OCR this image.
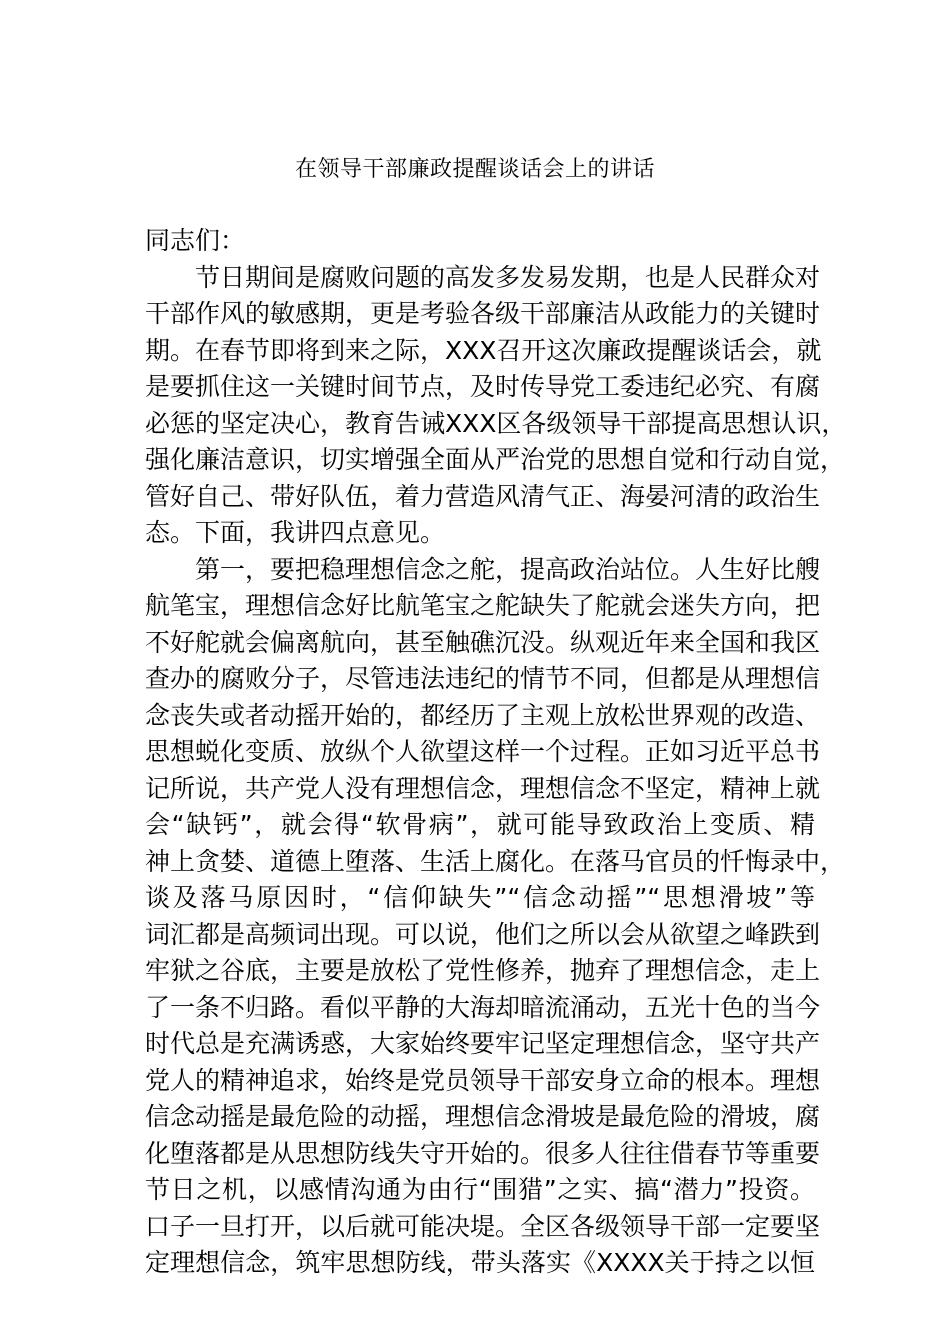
在领导干部廉政提醒谈话会上的讲话
同志们：
节日期间是腐败问题的高发多发易发期，也是人民群众对
干部作风的敏感期，更是考验各级干部廉洁从政能力的关键时
期。在春节即将到来之际，XXX召开这次廉政提醒谈话会，就
是要抓住这一关键时间节点，及时传导党工委违纪必究、有腐
必惩的坚定决心，教育告诫XXX区各级领导干部提高思想认识，
强化廉洁意识，切实增强全面从严治党的思想自觉和行动自觉，
管好自己、带好队伍，着力营造风清气正、海晏河清的政治生
态。下面，我讲四点意见。
第一，要把稳理想信念之舵，提高政治站位。人生好比艘
航笔宝，理想信念好比航笔宝之舵缺失了舵就会迷失方向，把
不好舵就会偏离航向，甚至触礁沉没。纵观近年来全国和我区
查办的腐败分子，尽管违法违纪的情节不同，但都是从理想信
念丧失或者动摇开始的，都经历了主观上放松世界观的改造、
思想蜕化变质、放纵个人欲望这样一个过程。正如习近平总书
记所说，共产党人没有理想信念，理想信念不坚定，精神上就
会“缺钙”，就会得“软骨病”，就可能导致政治上变质、精
神上贪婪、道德上堕落、生活上腐化。在落马官员的忏悔录中，
谈及落马原因时，“信仰缺失”“信念动摇”“思想滑坡”等
词汇都是高频词出现。可以说，他们之所以会从欲望之峰跌到
牢狱之谷底，主要是放松了党性修养，抛弃了理想信念，走上
了一条不归路。看似平静的大海却暗流涌动，五光十色的当今
时代总是充满诱惑，大家始终要牢记坚定理想信念，坚守共产
党人的精神追求，始终是党员领导干部安身立命的根本。理想
信念动摇是最危险的动摇，理想信念滑坡是最危险的滑坡，腐
化堕落都是从思想防线失守开始的。很多人往往借春节等重要
节日之机，以感情沟通为由行“围猎”之实、搞“潜力”投资。
口子一旦打开，以后就可能决堤。全区各级领导干部一定要坚
定理想信念，筑牢思想防线，带头落实《XXXX关于持之以恒
